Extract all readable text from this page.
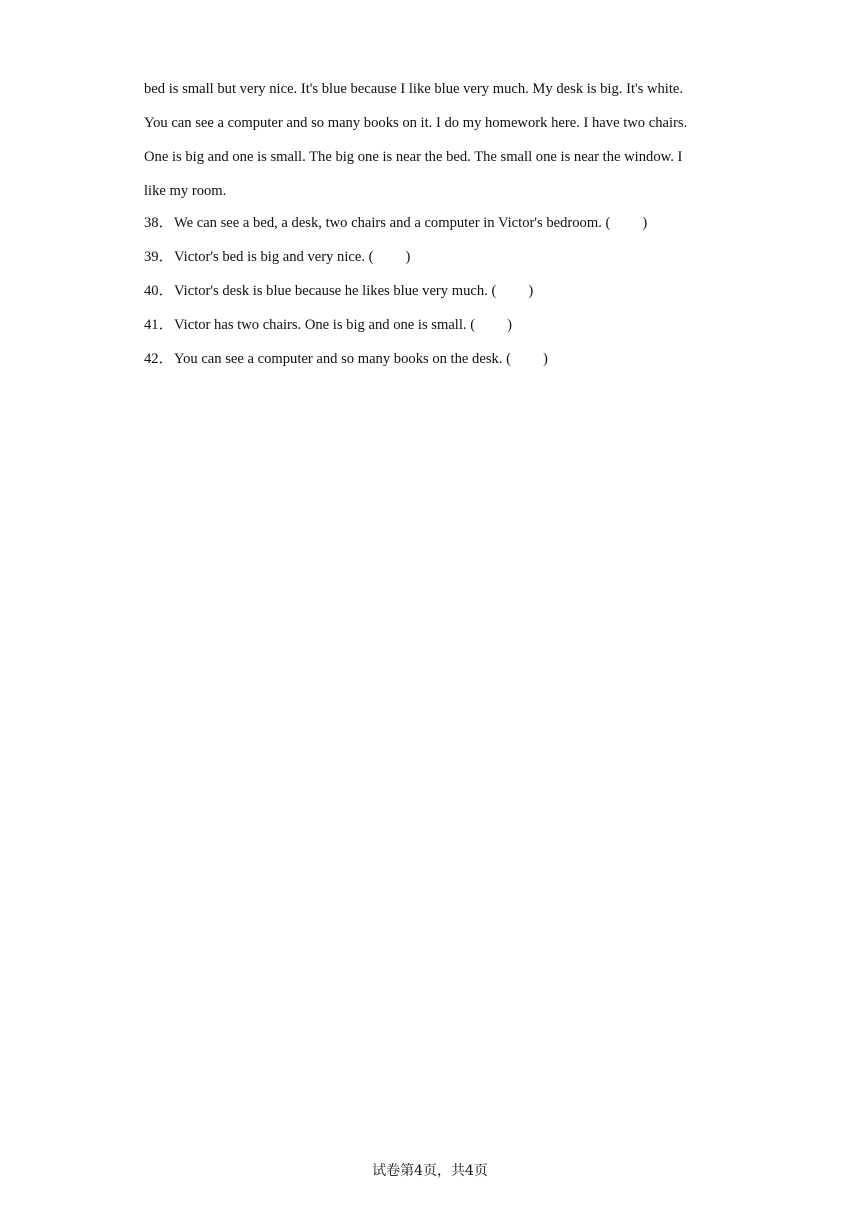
bed is small but very nice. It's blue because I like blue very much. My desk is big. It's white.
You can see a computer and so many books on it. I do my homework here. I have two chairs.
One is big and one is small. The big one is near the bed. The small one is near the window. I
like my room.
38．We can see a bed, a desk, two chairs and a computer in Victor's bedroom. ( )
39．Victor's bed is big and very nice. ( )
40．Victor's desk is blue because he likes blue very much. ( )
41．Victor has two chairs. One is big and one is small. ( )
42．You can see a computer and so many books on the desk. ( )
试卷第4页，共4页
